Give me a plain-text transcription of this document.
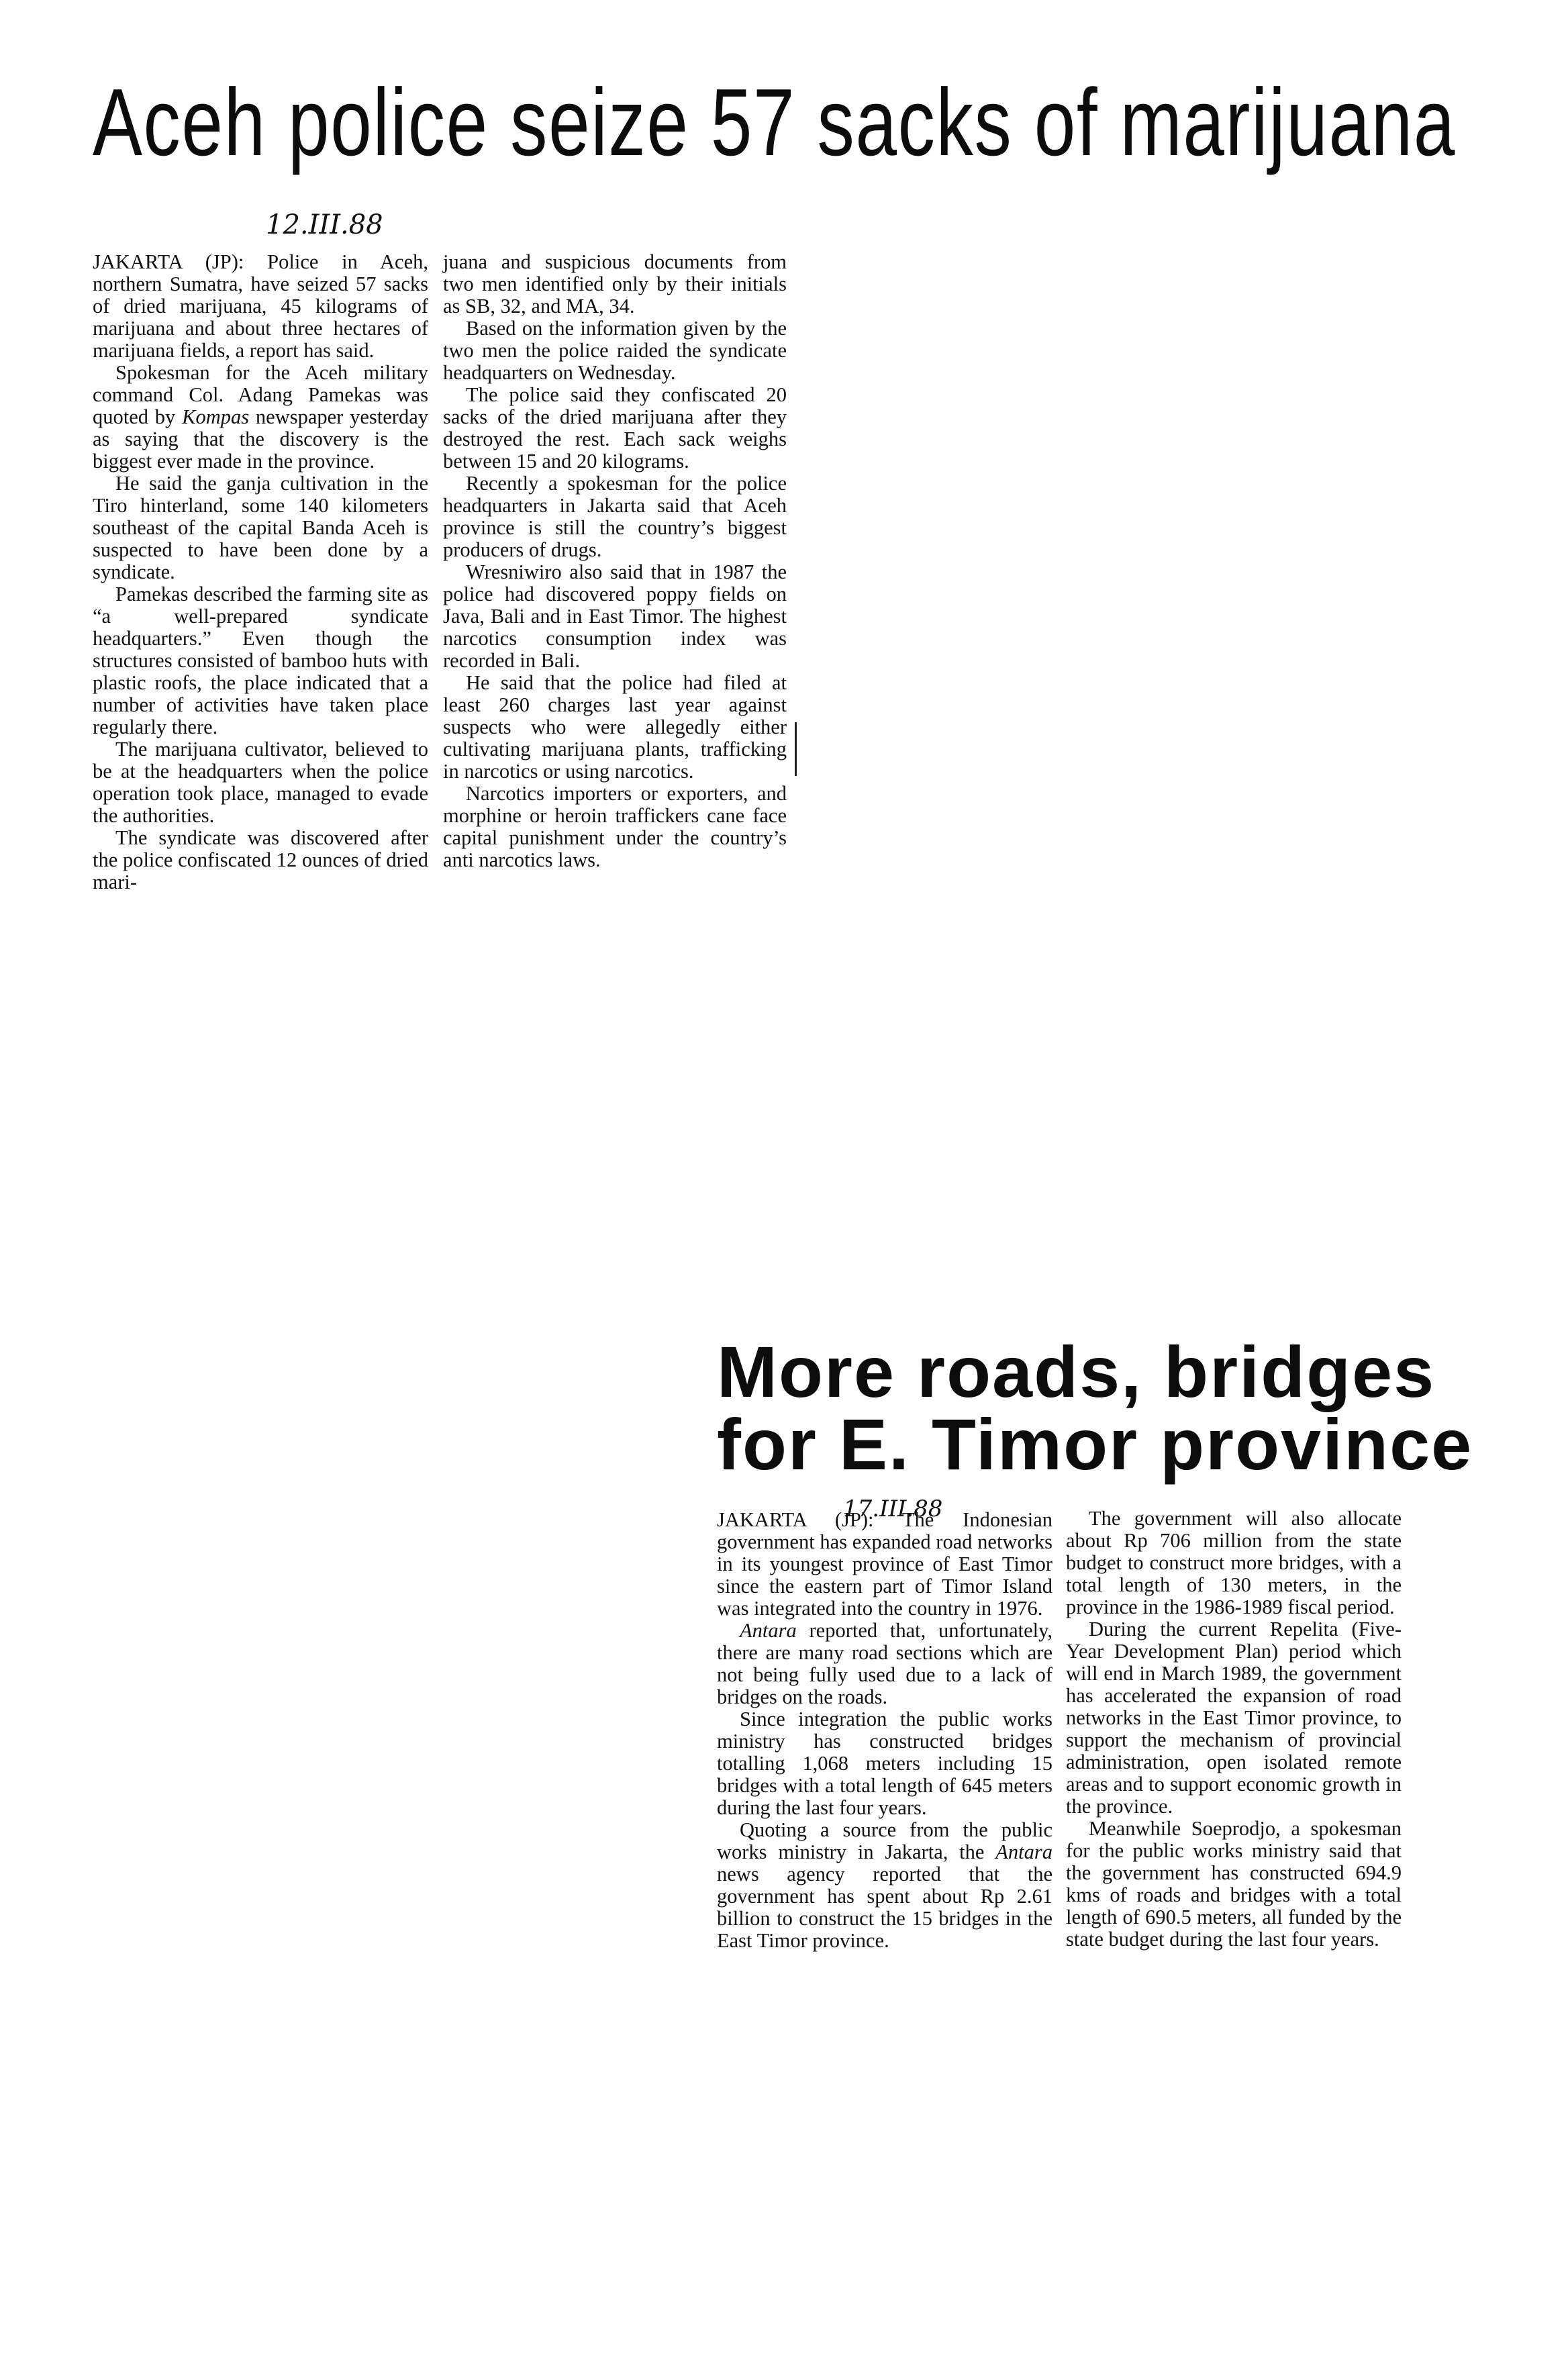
Aceh police seize 57 sacks of marijuana
12.III.88

JAKARTA (JP): Police in Aceh, northern Sumatra, have seized 57 sacks of dried marijuana, 45 kilograms of marijuana and about three hectares of marijuana fields, a report has said.

Spokesman for the Aceh military command Col. Adang Pamekas was quoted by Kompas newspaper yesterday as saying that the discovery is the biggest ever made in the province.

He said the ganja cultivation in the Tiro hinterland, some 140 kilometers southeast of the capital Banda Aceh is suspected to have been done by a syndicate.

Pamekas described the farming site as “a well-prepared syndicate headquarters.” Even though the structures consisted of bamboo huts with plastic roofs, the place indicated that a number of activities have taken place regularly there.

The marijuana cultivator, believed to be at the headquarters when the police operation took place, managed to evade the authorities.

The syndicate was discovered after the police confiscated 12 ounces of dried mari-

juana and suspicious documents from two men identified only by their initials as SB, 32, and MA, 34.

Based on the information given by the two men the police raided the syndicate headquarters on Wednesday.

The police said they confiscated 20 sacks of the dried marijuana after they destroyed the rest. Each sack weighs between 15 and 20 kilograms.

Recently a spokesman for the police headquarters in Jakarta said that Aceh province is still the country’s biggest producers of drugs.

Wresniwiro also said that in 1987 the police had discovered poppy fields on Java, Bali and in East Timor. The highest narcotics consumption index was recorded in Bali.

He said that the police had filed at least 260 charges last year against suspects who were allegedly either cultivating marijuana plants, trafficking in narcotics or using narcotics.

Narcotics importers or exporters, and morphine or heroin traffickers cane face capital punishment under the country’s anti narcotics laws.

More roads, bridges
for E. Timor province
17.III.88

JAKARTA (JP): The Indonesian government has expanded road networks in its youngest province of East Timor since the eastern part of Timor Island was integrated into the country in 1976.

Antara reported that, unfortunately, there are many road sections which are not being fully used due to a lack of bridges on the roads.

Since integration the public works ministry has constructed bridges totalling 1,068 meters including 15 bridges with a total length of 645 meters during the last four years.

Quoting a source from the public works ministry in Jakarta, the Antara news agency reported that the government has spent about Rp 2.61 billion to construct the 15 bridges in the East Timor province.

The government will also allocate about Rp 706 million from the state budget to construct more bridges, with a total length of 130 meters, in the province in the 1986-1989 fiscal period.

During the current Repelita (Five-Year Development Plan) period which will end in March 1989, the government has accelerated the expansion of road networks in the East Timor province, to support the mechanism of provincial administration, open isolated remote areas and to support economic growth in the province.

Meanwhile Soeprodjo, a spokesman for the public works ministry said that the government has constructed 694.9 kms of roads and bridges with a total length of 690.5 meters, all funded by the state budget during the last four years.
